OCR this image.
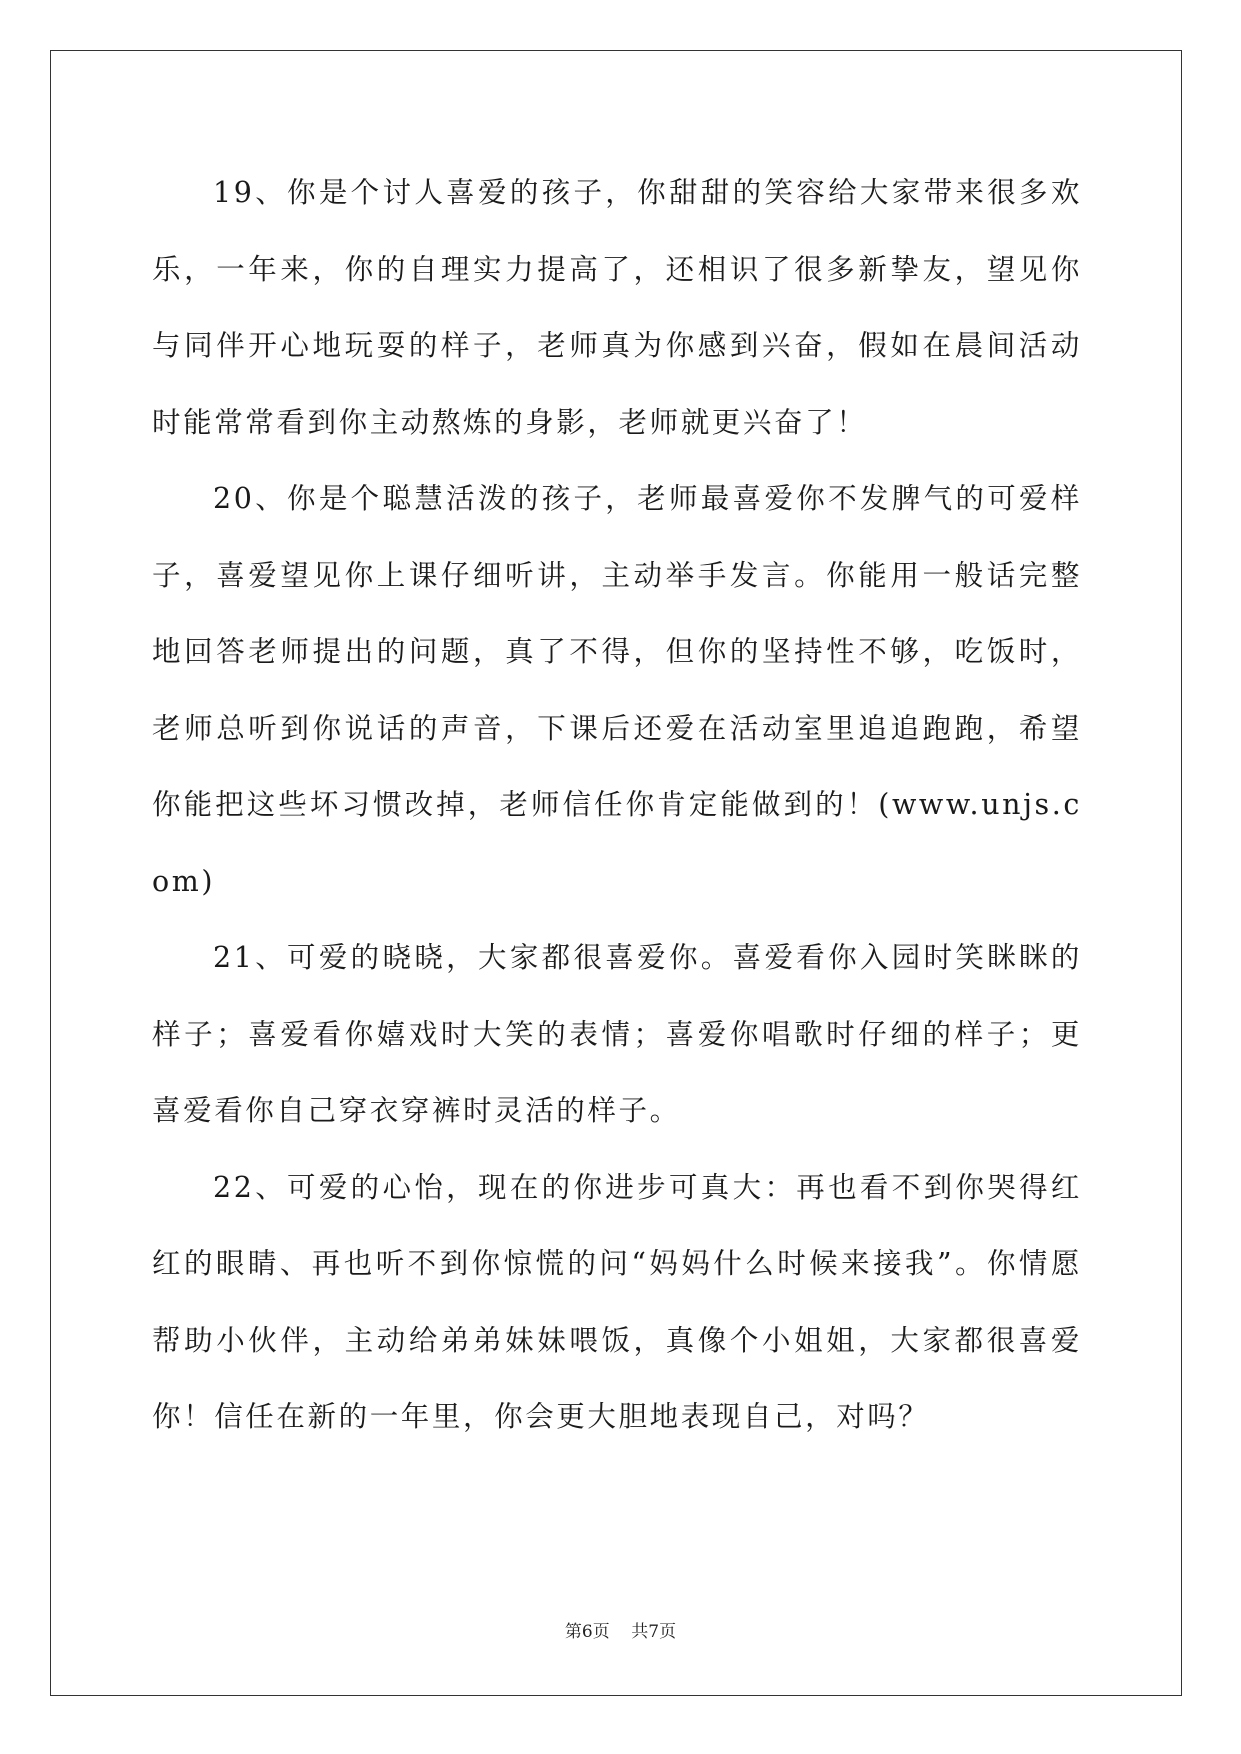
19、你是个讨人喜爱的孩子，你甜甜的笑容给大家带来很多欢乐，一年来，你的自理实力提高了，还相识了很多新挚友，望见你与同伴开心地玩耍的样子，老师真为你感到兴奋，假如在晨间活动时能常常看到你主动熬炼的身影，老师就更兴奋了！

20、你是个聪慧活泼的孩子，老师最喜爱你不发脾气的可爱样子，喜爱望见你上课仔细听讲，主动举手发言。你能用一般话完整地回答老师提出的问题，真了不得，但你的坚持性不够，吃饭时，老师总听到你说话的声音，下课后还爱在活动室里追追跑跑，希望你能把这些坏习惯改掉，老师信任你肯定能做到的！(www.unjs.com)

21、可爱的晓晓，大家都很喜爱你。喜爱看你入园时笑眯眯的样子；喜爱看你嬉戏时大笑的表情；喜爱你唱歌时仔细的样子；更喜爱看你自己穿衣穿裤时灵活的样子。

22、可爱的心怡，现在的你进步可真大：再也看不到你哭得红红的眼睛、再也听不到你惊慌的问“妈妈什么时候来接我”。你情愿帮助小伙伴，主动给弟弟妹妹喂饭，真像个小姐姐，大家都很喜爱你！信任在新的一年里，你会更大胆地表现自己，对吗？

第6页    共7页
